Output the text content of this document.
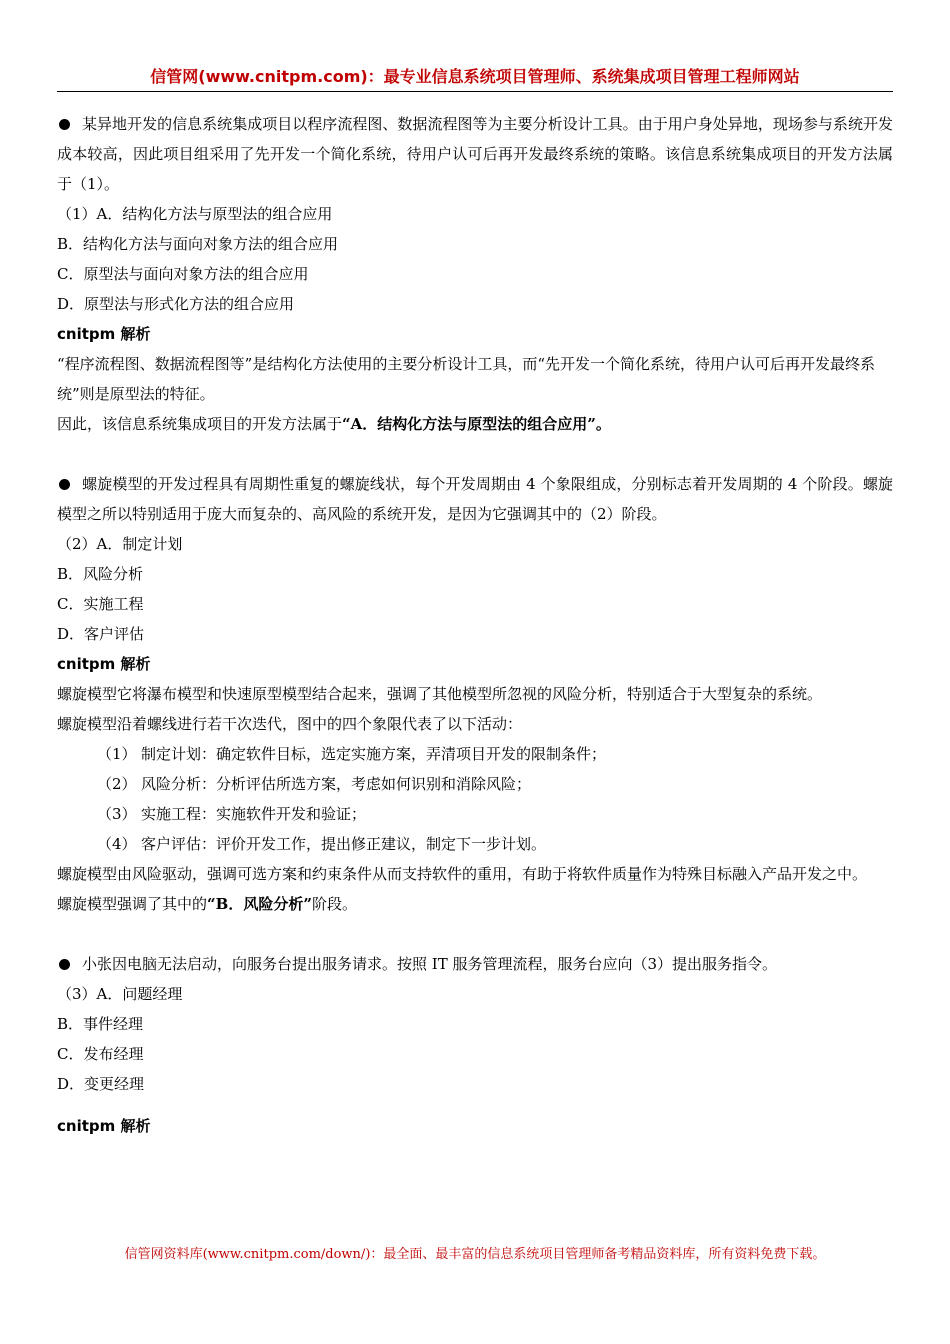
信管网(www.cnitpm.com)：最专业信息系统项目管理师、系统集成项目管理工程师网站

某异地开发的信息系统集成项目以程序流程图、数据流程图等为主要分析设计工具。由于用户身处异地，现场参与系统开发成本较高，因此项目组采用了先开发一个简化系统，待用户认可后再开发最终系统的策略。该信息系统集成项目的开发方法属于（1）。

（1）A．结构化方法与原型法的组合应用

B．结构化方法与面向对象方法的组合应用

C．原型法与面向对象方法的组合应用

D．原型法与形式化方法的组合应用

cnitpm 解析

“程序流程图、数据流程图等”是结构化方法使用的主要分析设计工具，而“先开发一个简化系统，待用户认可后再开发最终系统”则是原型法的特征。

因此，该信息系统集成项目的开发方法属于“A．结构化方法与原型法的组合应用”。

螺旋模型的开发过程具有周期性重复的螺旋线状，每个开发周期由 4 个象限组成，分别标志着开发周期的 4 个阶段。螺旋模型之所以特别适用于庞大而复杂的、高风险的系统开发，是因为它强调其中的（2）阶段。

（2）A．制定计划

B．风险分析

C．实施工程

D．客户评估

cnitpm 解析

螺旋模型它将瀑布模型和快速原型模型结合起来，强调了其他模型所忽视的风险分析，特别适合于大型复杂的系统。

螺旋模型沿着螺线进行若干次迭代，图中的四个象限代表了以下活动：

（1） 制定计划：确定软件目标，选定实施方案，弄清项目开发的限制条件；

（2） 风险分析：分析评估所选方案，考虑如何识别和消除风险；

（3） 实施工程：实施软件开发和验证；

（4） 客户评估：评价开发工作，提出修正建议，制定下一步计划。

螺旋模型由风险驱动，强调可选方案和约束条件从而支持软件的重用，有助于将软件质量作为特殊目标融入产品开发之中。

螺旋模型强调了其中的“B．风险分析”阶段。

小张因电脑无法启动，向服务台提出服务请求。按照 IT 服务管理流程，服务台应向（3）提出服务指令。

（3）A．问题经理

B．事件经理

C．发布经理

D．变更经理

cnitpm 解析

信管网资料库(www.cnitpm.com/down/)：最全面、最丰富的信息系统项目管理师备考精品资料库，所有资料免费下载。
